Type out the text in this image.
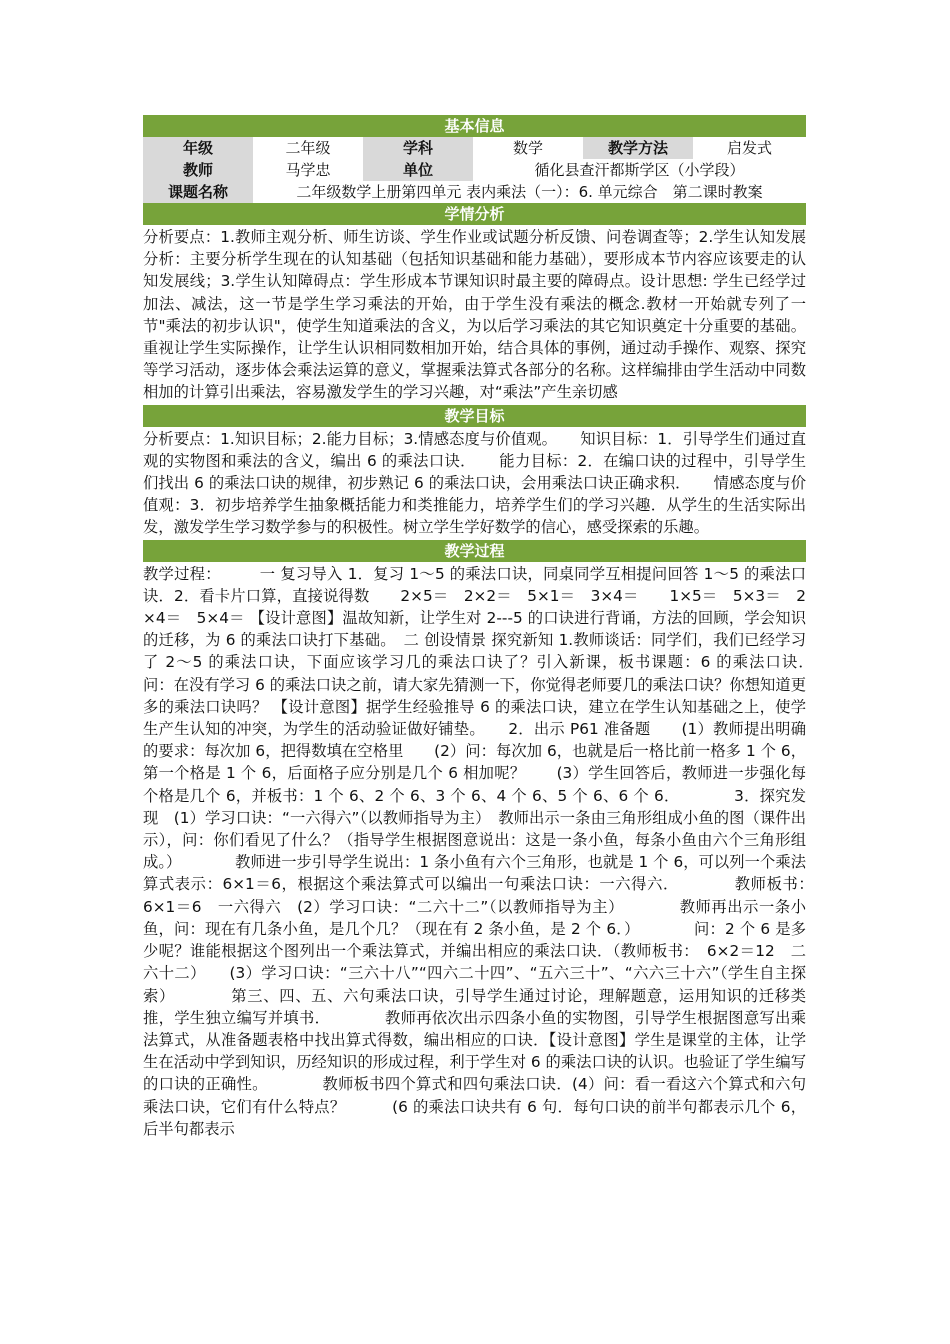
基本信息
年级	二年级	学科	数学	教学方法	启发式
教师	马学忠	单位	循化县查汗都斯学区（小学段）
课题名称	二年级数学上册第四单元 表内乘法（一）：6. 单元综合　第二课时教案
学情分析
分析要点：1.教师主观分析、师生访谈、学生作业或试题分析反馈、问卷调查等；2.学生认知发展分析：主要分析学生现在的认知基础（包括知识基础和能力基础），要形成本节内容应该要走的认知发展线；3.学生认知障碍点：学生形成本节课知识时最主要的障碍点。设计思想: 学生已经学过加法、减法，这一节是学生学习乘法的开始，由于学生没有乘法的概念.教材一开始就专列了一节"乘法的初步认识"，使学生知道乘法的含义，为以后学习乘法的其它知识奠定十分重要的基础。重视让学生实际操作，让学生认识相同数相加开始，结合具体的事例，通过动手操作、观察、探究等学习活动，逐步体会乘法运算的意义，掌握乘法算式各部分的名称。这样编排由学生活动中同数相加的计算引出乘法，容易激发学生的学习兴趣，对“乘法”产生亲切感
教学目标
分析要点：1.知识目标；2.能力目标；3.情感态度与价值观。　　知识目标：1．引导学生们通过直观的实物图和乘法的含义，编出 6 的乘法口诀．　　能力目标：2．在编口诀的过程中，引导学生们找出 6 的乘法口诀的规律，初步熟记 6 的乘法口诀，会用乘法口诀正确求积．　　情感态度与价值观：3．初步培养学生抽象概括能力和类推能力，培养学生们的学习兴趣．从学生的生活实际出发，激发学生学习数学参与的积极性。树立学生学好数学的信心，感受探索的乐趣。
教学过程
教学过程：　　　一 复习导入 1．复习 1～5 的乘法口诀，同桌同学互相提问回答 1～5 的乘法口诀．2．看卡片口算，直接说得数　　2×5＝　2×2＝　5×1＝　3×4＝　　1×5＝　5×3＝　2×4＝　5×4＝ 【设计意图】温故知新，让学生对 2---5 的口诀进行背诵，方法的回顾，学会知识的迁移，为 6 的乘法口诀打下基础。　二 创设情景 探究新知 1.教师谈话：同学们，我们已经学习了 2～5 的乘法口诀，下面应该学习几的乘法口诀了？引入新课，板书课题：6 的乘法口诀．　　　　问：在没有学习 6 的乘法口诀之前，请大家先猜测一下，你觉得老师要几的乘法口诀？你想知道更多的乘法口诀吗？ 【设计意图】据学生经验推导 6 的乘法口诀，建立在学生认知基础之上，使学生产生认知的冲突，为学生的活动验证做好铺垫。　　2．出示 P61 准备题　　(1）教师提出明确的要求：每次加 6，把得数填在空格里　　(2）问：每次加 6，也就是后一格比前一格多 1 个 6，第一个格是 1 个 6，后面格子应分别是几个 6 相加呢？　　(3）学生回答后，教师进一步强化每个格是几个 6，并板书：1 个 6、2 个 6、3 个 6、4 个 6、5 个 6、6 个 6．　　　　3．探究发现　(1）学习口诀：“一六得六”（以教师指导为主）　教师出示一条由三角形组成小鱼的图（课件出示），问：你们看见了什么？（指导学生根据图意说出：这是一条小鱼，每条小鱼由六个三角形组成。）　　　　教师进一步引导学生说出：1 条小鱼有六个三角形，也就是 1 个 6，可以列一个乘法算式表示：6×1＝6，根据这个乘法算式可以编出一句乘法口诀：一六得六．　　　　教师板书：　6×1＝6　一六得六　(2）学习口诀：“二六十二”（以教师指导为主）　　　　教师再出示一条小鱼，问：现在有几条小鱼，是几个几？（现在有 2 条小鱼，是 2 个 6．）　　　　问：2 个 6 是多少呢？谁能根据这个图列出一个乘法算式，并编出相应的乘法口诀．（教师板书：　6×2＝12　二六十二）　　(3）学习口诀：“三六十八”“四六二十四”、“五六三十”、“六六三十六”（学生自主探索）　　　　第三、四、五、六句乘法口诀，引导学生通过讨论，理解题意，运用知识的迁移类推，学生独立编写并填书．　　　　教师再依次出示四条小鱼的实物图，引导学生根据图意写出乘法算式，从准备题表格中找出算式得数，编出相应的口诀．【设计意图】学生是课堂的主体，让学生在活动中学到知识，历经知识的形成过程，利于学生对 6 的乘法口诀的认识。也验证了学生编写的口诀的正确性。　　　　教师板书四个算式和四句乘法口诀．(4）问：看一看这六个算式和六句乘法口诀，它们有什么特点？　　　(6 的乘法口诀共有 6 句．每句口诀的前半句都表示几个 6，后半句都表示
